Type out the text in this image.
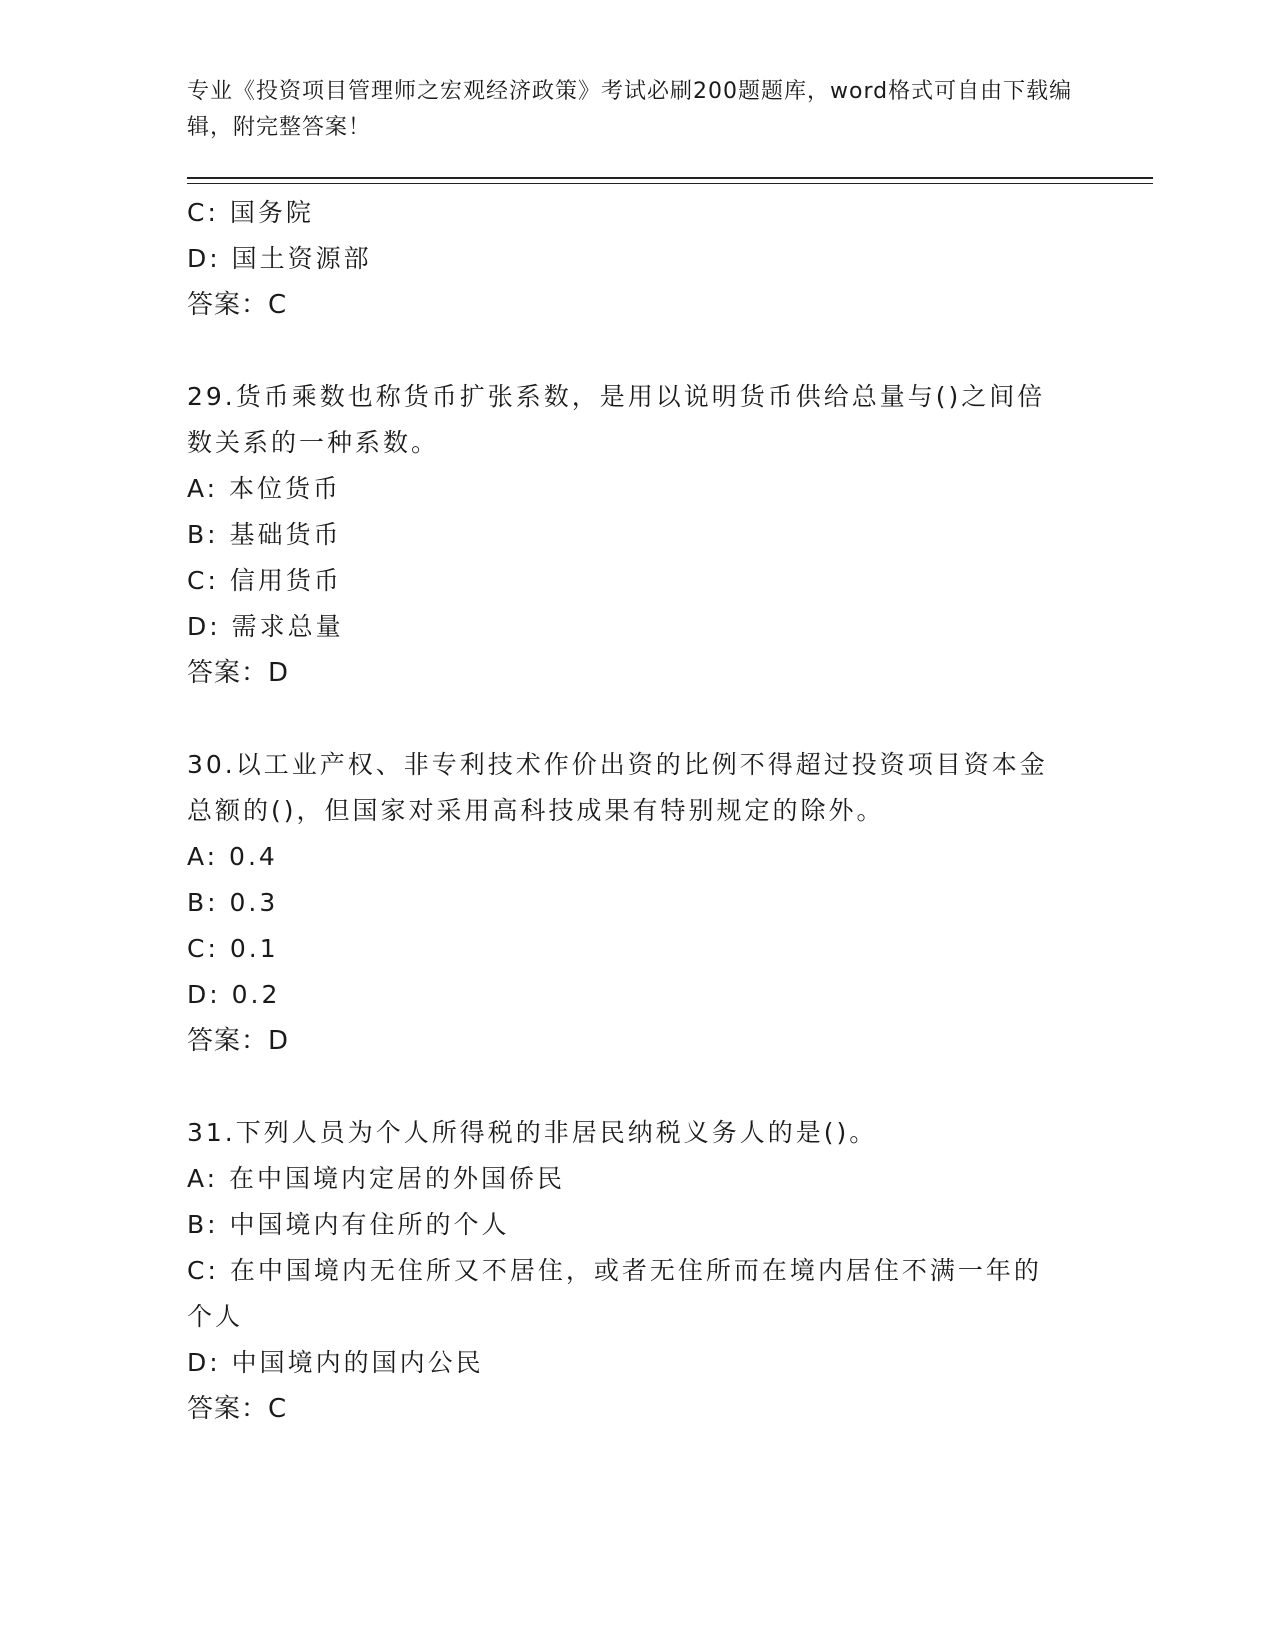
专业《投资项目管理师之宏观经济政策》考试必刷200题题库，word格式可自由下载编辑，附完整答案！
C: 国务院
D: 国土资源部
答案：C
29.货币乘数也称货币扩张系数，是用以说明货币供给总量与()之间倍数关系的一种系数。
A: 本位货币
B: 基础货币
C: 信用货币
D: 需求总量
答案：D
30.以工业产权、非专利技术作价出资的比例不得超过投资项目资本金总额的()，但国家对采用高科技成果有特别规定的除外。
A: 0.4
B: 0.3
C: 0.1
D: 0.2
答案：D
31.下列人员为个人所得税的非居民纳税义务人的是()。
A: 在中国境内定居的外国侨民
B: 中国境内有住所的个人
C: 在中国境内无住所又不居住，或者无住所而在境内居住不满一年的个人
D: 中国境内的国内公民
答案：C
